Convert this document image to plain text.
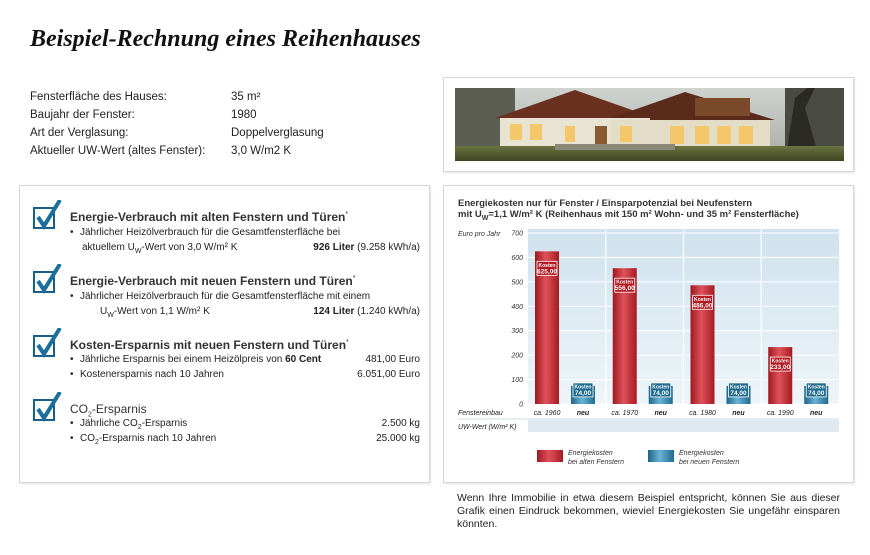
Beispiel-Rechnung eines Reihenhauses
Fensterfläche des Hauses:	35 m²
Baujahr der Fenster:	1980
Art der Verglasung:	Doppelverglasung
Aktueller UW-Wert (altes Fenster):	3,0 W/m2 K
Energie-Verbrauch mit alten Fenstern und Türen*
• Jährlicher Heizölverbrauch für die Gesamtfensterfläche bei
aktuellem $U_W$-Wert von 3,0 W/m² K	926 Liter (9.258 kWh/a)
Energie-Verbrauch mit neuen Fenstern und Türen*
• Jährlicher Heizölverbrauch für die Gesamtfensterfläche mit einem
$U_W$-Wert von 1,1 W/m² K	124 Liter (1.240 kWh/a)
Kosten-Ersparnis mit neuen Fenstern und Türen*
• Jährliche Ersparnis bei einem Heizölpreis von 60 Cent	481,00 Euro
• Kostenersparnis nach 10 Jahren	6.051,00 Euro
$CO_2$-Ersparnis
• Jährliche $CO_2$-Ersparnis	2.500 kg
• $CO_2$-Ersparnis nach 10 Jahren	25.000 kg
Energiekosten nur für Fenster / Einsparpotenzial bei Neufenstern
mit $U_W=1,1$ W/m² K (Reihenhaus mit 150 m² Wohn- und 35 m² Fensterfläche)
Euro pro Jahr
0
100
200
300
400
500
600
700
Kosten
625,00
Kosten
74,00
ca. 1960 neu
Kosten
556,00
Kosten
74,00
ca. 1970 neu
Kosten
486,00
Kosten
74,00
ca. 1980 neu
Kosten
233,00
Kosten
74,00
ca. 1990 neu
Fenstereinbau
UW-Wert (W/m² K)
Energiekosten
bei alten Fenstern
Energiekosten
bei neuen Fenstern
Wenn Ihre Immobilie in etwa diesem Beispiel entspricht, können Sie aus dieser Grafik einen Eindruck bekommen, wieviel Energiekosten Sie ungefähr einsparen könnten.
